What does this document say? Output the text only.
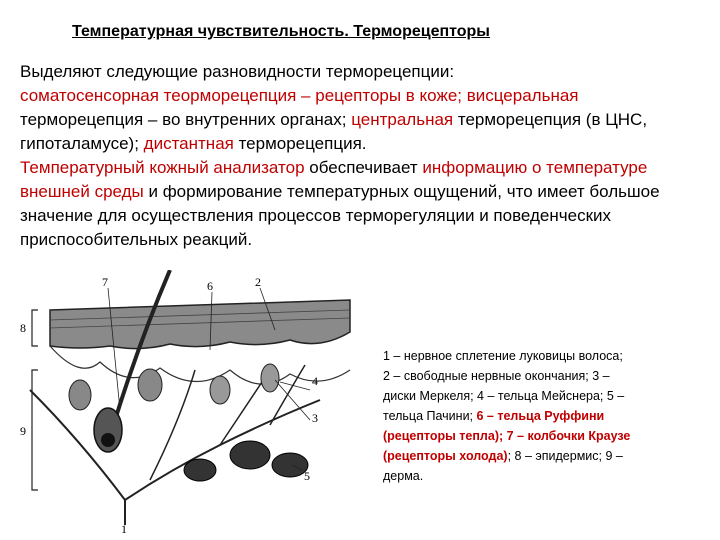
Температурная чувствительность. Терморецепторы
Выделяют следующие разновидности терморецепции:
соматосенсорная теорморецепция – рецепторы в коже; висцеральная терморецепция – во внутренних органах; центральная терморецепция (в ЦНС, гипоталамусе); дистантная терморецепция.
Температурный кожный анализатор обеспечивает информацию о температуре внешней среды и формирование температурных ощущений, что имеет большое значение для осуществления процессов терморегуляции и поведенческих приспособительных реакций.
7	6	2
8
4
3
9
5
1
1 – нервное сплетение луковицы волоса; 2 – свободные нервные окончания; 3 – диски Меркеля; 4 – тельца Мейснера; 5 – тельца Пачини; 6 – тельца Руффини (рецепторы тепла); 7 – колбочки Краузе (рецепторы холода); 8 – эпидермис; 9 – дерма.
